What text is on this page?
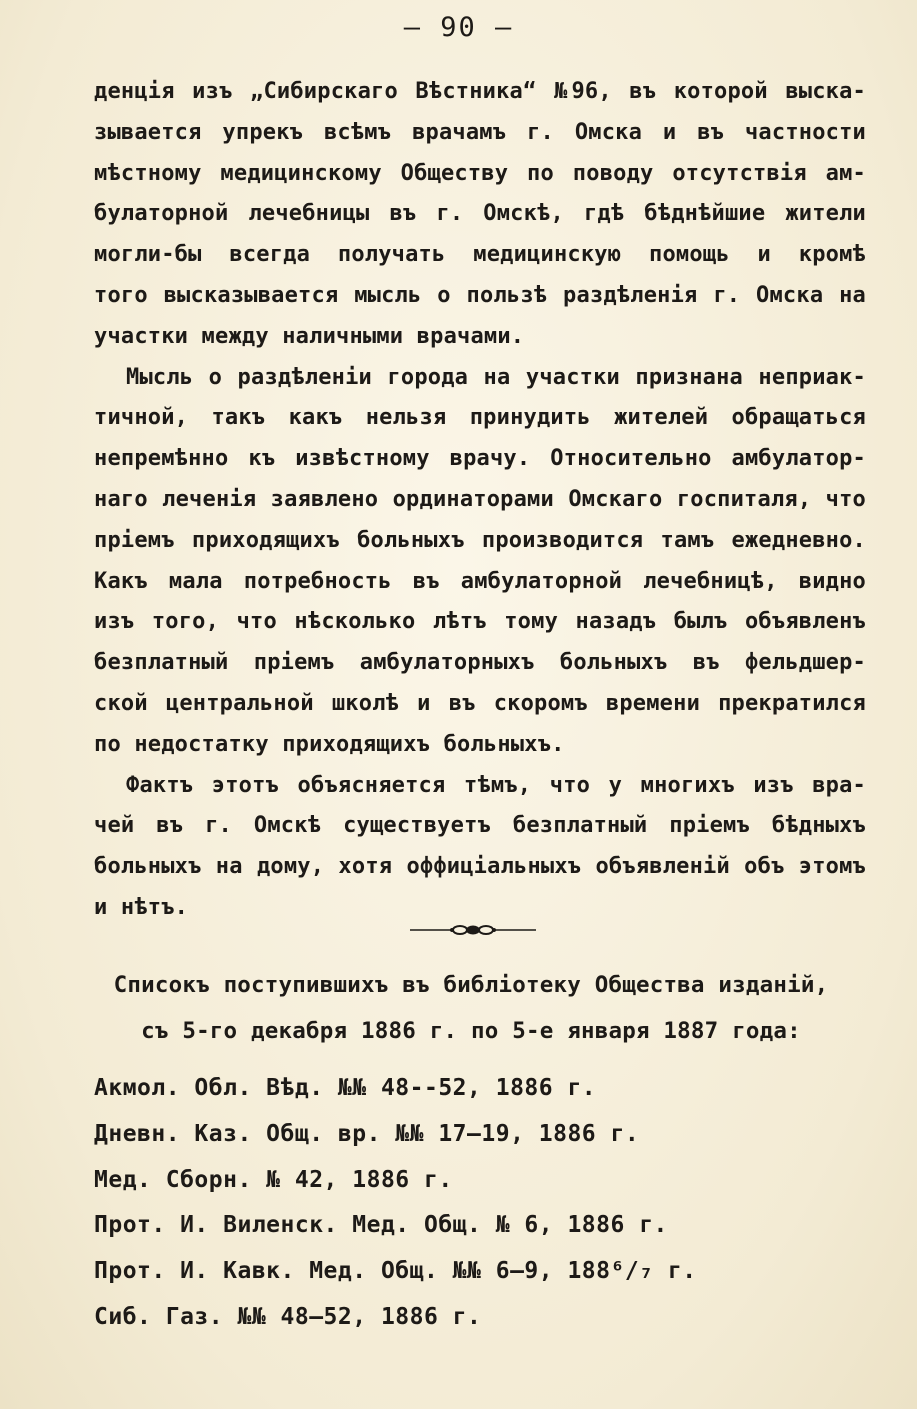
— 90 —
денція изъ „Сибирскаго Вѣстника“ №96, въ которой выска-
зывается упрекъ всѣмъ врачамъ г. Омска и въ частности
мѣстному медицинскому Обществу по поводу отсутствія ам-
булаторной лечебницы въ г. Омскѣ, гдѣ бѣднѣйшие жители
могли-бы всегда получать медицинскую помощь и кромѣ
того высказывается мысль о пользѣ раздѣленія г. Омска на
участки между наличными врачами.
Мысль о раздѣленіи города на участки признана неприак-
тичной, такъ какъ нельзя принудить жителей обращаться
непремѣнно къ извѣстному врачу. Относительно амбулатор-
наго леченія заявлено ординаторами Омскаго госпиталя, что
пріемъ приходящихъ больныхъ производится тамъ ежедневно.
Какъ мала потребность въ амбулаторной лечебницѣ, видно
изъ того, что нѣсколько лѣтъ тому назадъ былъ объявленъ
безплатный пріемъ амбулаторныхъ больныхъ въ фельдшер-
ской центральной школѣ и въ скоромъ времени прекратился
по недостатку приходящихъ больныхъ.
Фактъ этотъ объясняется тѣмъ, что у многихъ изъ вра-
чей въ г. Омскѣ существуетъ безплатный пріемъ бѣдныхъ
больныхъ на дому, хотя оффиціальныхъ объявленій объ этомъ
и нѣтъ.
Списокъ поступившихъ въ библіотеку Общества изданій,
съ 5-го декабря 1886 г. по 5-е января 1887 года:
Акмол. Обл. Вѣд. №№ 48--52, 1886 г.
Дневн. Каз. Общ. вр. №№ 17—19, 1886 г.
Мед. Сборн. № 42, 1886 г.
Прот. И. Виленск. Мед. Общ. № 6, 1886 г.
Прот. И. Кавк. Мед. Общ. №№ 6—9, 188⁶/₇ г.
Сиб. Газ. №№ 48—52, 1886 г.
